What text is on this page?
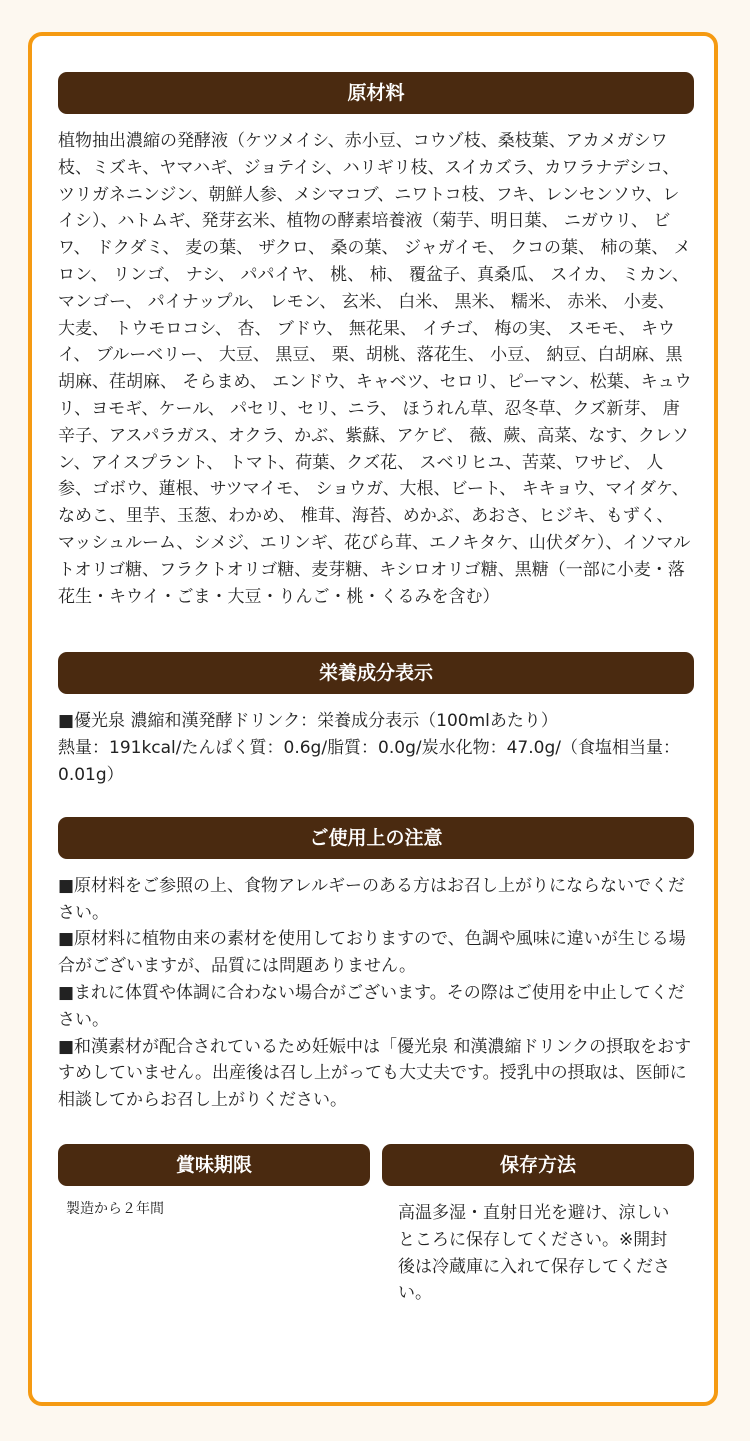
原材料

植物抽出濃縮の発酵液（ケツメイシ、赤小豆、コウゾ枝、桑枝葉、アカメガシワ枝、ミズキ、ヤマハギ、ジョテイシ、ハリギリ枝、スイカズラ、カワラナデシコ、ツリガネニンジン、朝鮮人参、メシマコブ、ニワトコ枝、フキ、レンセンソウ、レイシ）、ハトムギ、発芽玄米、植物の酵素培養液（菊芋、明日葉、 ニガウリ、 ビワ、 ドクダミ、 麦の葉、 ザクロ、 桑の葉、 ジャガイモ、 クコの葉、 柿の葉、 メロン、 リンゴ、 ナシ、 パパイヤ、 桃、 柿、 覆盆子、真桑瓜、 スイカ、 ミカン、 マンゴー、 パイナップル、 レモン、 玄米、 白米、 黒米、 糯米、 赤米、 小麦、 大麦、 トウモロコシ、 杏、 ブドウ、 無花果、 イチゴ、 梅の実、 スモモ、 キウイ、 ブルーベリー、 大豆、 黒豆、 栗、胡桃、落花生、 小豆、 納豆、白胡麻、黒胡麻、荏胡麻、 そらまめ、 エンドウ、キャベツ、セロリ、ピーマン、松葉、キュウリ、ヨモギ、ケール、 パセリ、セリ、ニラ、 ほうれん草、忍冬草、クズ新芽、 唐辛子、アスパラガス、オクラ、かぶ、紫蘇、アケビ、 薇、蕨、高菜、なす、クレソン、アイスプラント、 トマト、荷葉、クズ花、 スベリヒユ、苦菜、ワサビ、 人参、ゴボウ、蓮根、サツマイモ、 ショウガ、大根、ビート、 キキョウ、マイダケ、なめこ、里芋、玉葱、わかめ、 椎茸、海苔、めかぶ、あおさ、ヒジキ、もずく、 マッシュルーム、シメジ、エリンギ、花びら茸、エノキタケ、山伏ダケ）、イソマルトオリゴ糖、フラクトオリゴ糖、麦芽糖、キシロオリゴ糖、黒糖（一部に小麦・落花生・キウイ・ごま・大豆・りんご・桃・くるみを含む）

栄養成分表示

■優光泉 濃縮和漢発酵ドリンク：栄養成分表示（100mlあたり）

熱量：191kcal/たんぱく質：0.6g/脂質：0.0g/炭水化物：47.0g/（食塩相当量：0.01g）

ご使用上の注意

■原材料をご参照の上、食物アレルギーのある方はお召し上がりにならないでください。

■原材料に植物由来の素材を使用しておりますので、色調や風味に違いが生じる場合がございますが、品質には問題ありません。

■まれに体質や体調に合わない場合がございます。その際はご使用を中止してください。

■和漢素材が配合されているため妊娠中は「優光泉 和漢濃縮ドリンクの摂取をおすすめしていません。出産後は召し上がっても大丈夫です。授乳中の摂取は、医師に相談してからお召し上がりください。

賞味期限

製造から２年間

保存方法

高温多湿・直射日光を避け、涼しいところに保存してください。※開封後は冷蔵庫に入れて保存してください。
